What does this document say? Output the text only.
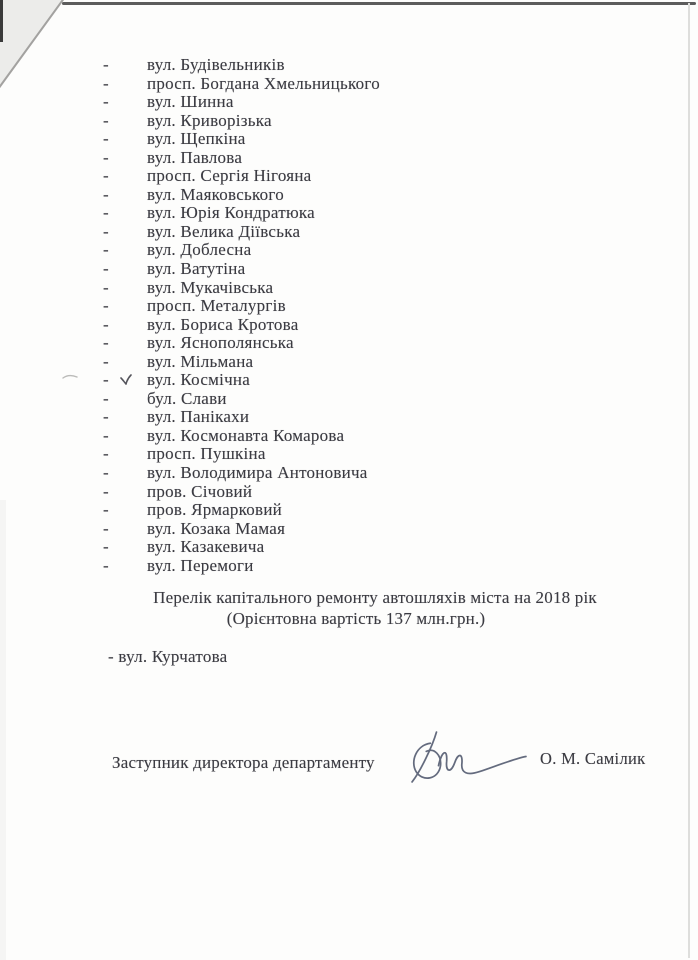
-	вул. Будівельників
-	просп. Богдана Хмельницького
-	вул. Шинна
-	вул. Криворізька
-	вул. Щепкіна
-	вул. Павлова
-	просп. Сергія Нігояна
-	вул. Маяковського
-	вул. Юрія Кондратюка
-	вул. Велика Діївська
-	вул. Доблесна
-	вул. Ватутіна
-	вул. Мукачівська
-	просп. Металургів
-	вул. Бориса Кротова
-	вул. Яснополянська
-	вул. Мільмана
-	вул. Космічна
-	бул. Слави
-	вул. Панікахи
-	вул. Космонавта Комарова
-	просп. Пушкіна
-	вул. Володимира Антоновича
-	пров. Січовий
-	пров. Ярмарковий
-	вул. Козака Мамая
-	вул. Казакевича
-	вул. Перемоги
Перелік капітального ремонту автошляхів міста на 2018 рік
(Орієнтовна вартість 137 млн.грн.)
- вул. Курчатова
Заступник директора департаменту	О. М. Самілик
